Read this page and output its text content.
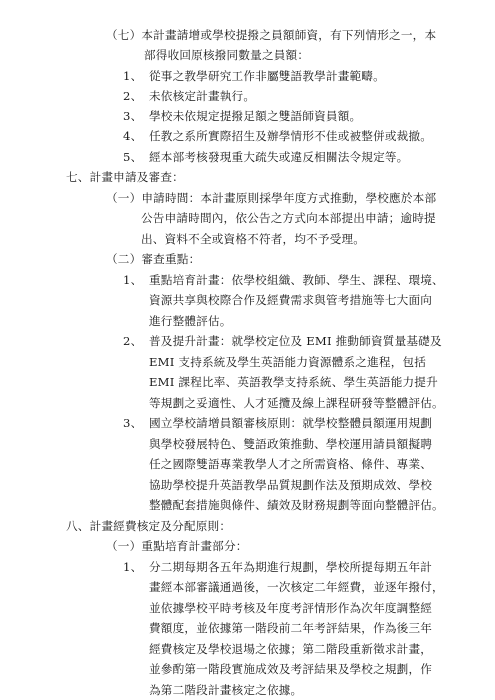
（七）本計畫請增或學校提撥之員額師資，有下列情形之一，本
部得收回原核撥同數量之員額：
1、 從事之教學研究工作非屬雙語教學計畫範疇。
2、 未依核定計畫執行。
3、 學校未依規定提撥足額之雙語師資員額。
4、 任教之系所實際招生及辦學情形不佳或被整併或裁撤。
5、 經本部考核發現重大疏失或違反相關法令規定等。
七、計畫申請及審查：
（一）申請時間：本計畫原則採學年度方式推動，學校應於本部
公告申請時間內，依公告之方式向本部提出申請；逾時提
出、資料不全或資格不符者，均不予受理。
（二）審查重點：
1、 重點培育計畫：依學校組織、教師、學生、課程、環境、
資源共享與校際合作及經費需求與管考措施等七大面向
進行整體評估。
2、 普及提升計畫：就學校定位及 EMI 推動師資質量基礎及
EMI 支持系統及學生英語能力資源體系之進程，包括
EMI 課程比率、英語教學支持系統、學生英語能力提升
等規劃之妥適性、人才延攬及線上課程研發等整體評估。
3、 國立學校請增員額審核原則：就學校整體員額運用規劃
與學校發展特色、雙語政策推動、學校運用請員額擬聘
任之國際雙語專業教學人才之所需資格、條件、專業、
協助學校提升英語教學品質規劃作法及預期成效、學校
整體配套措施與條件、績效及財務規劃等面向整體評估。
八、計畫經費核定及分配原則：
（一）重點培育計畫部分：
1、 分二期每期各五年為期進行規劃，學校所提每期五年計
畫經本部審議通過後，一次核定二年經費，並逐年撥付，
並依據學校平時考核及年度考評情形作為次年度調整經
費額度，並依據第一階段前二年考評結果，作為後三年
經費核定及學校退場之依據；第二階段重新徵求計畫，
並參酌第一階段實施成效及考評結果及學校之規劃，作
為第二階段計畫核定之依據。
